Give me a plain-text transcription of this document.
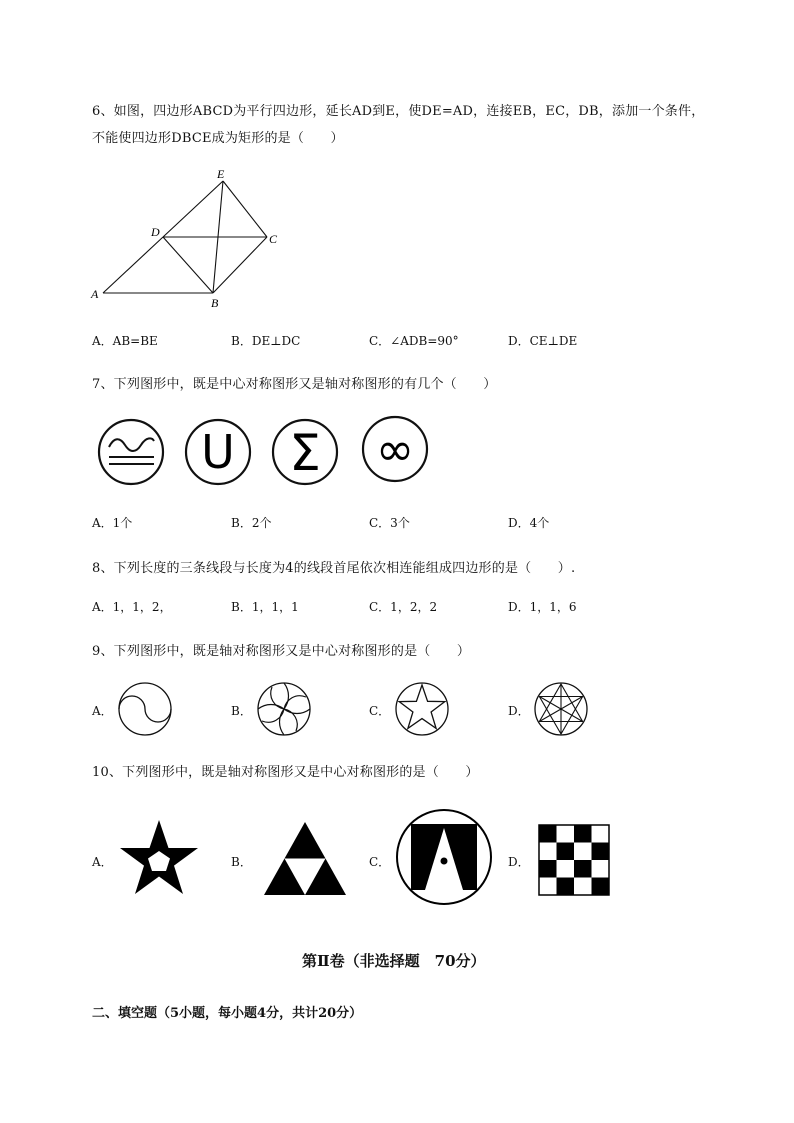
6、如图，四边形ABCD为平行四边形，延长AD到E，使DE=AD，连接EB，EC，DB，添加一个条件，
不能使四边形DBCE成为矩形的是（　　）
A
B
C
D
E
A．AB=BE	B．DE⊥DC	C．∠ADB=90°	D．CE⊥DE
7、下列图形中，既是中心对称图形又是轴对称图形的有几个（　　）
U Σ ∞
A．1个	B．2个	C．3个	D．4个
8、下列长度的三条线段与长度为4的线段首尾依次相连能组成四边形的是（　　）.
A．1，1，2，	B．1，1，1	C．1，2，2	D．1，1，6
9、下列图形中，既是轴对称图形又是中心对称图形的是（　　）
A．	B．	C．	D．
10、下列图形中，既是轴对称图形又是中心对称图形的是（　　）
A．	B．	C．	D．
第Ⅱ卷（非选择题　70分）
二、填空题（5小题，每小题4分，共计20分）
